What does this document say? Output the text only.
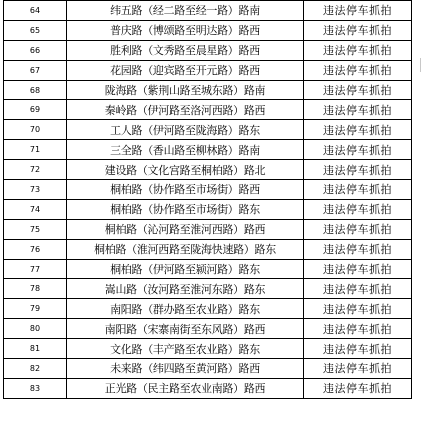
64	纬五路（经二路至经一路）路南	违法停车抓拍
65	普庆路（博颂路至明达路）路西	违法停车抓拍
66	胜利路（文秀路至晨星路）路西	违法停车抓拍
67	花园路（迎宾路至开元路）路西	违法停车抓拍
68	陇海路（紫荆山路至城东路）路南	违法停车抓拍
69	秦岭路（伊河路至洛河西路）路西	违法停车抓拍
70	工人路（伊河路至陇海路）路东	违法停车抓拍
71	三全路（香山路至柳林路）路南	违法停车抓拍
72	建设路（文化宫路至桐柏路）路北	违法停车抓拍
73	桐柏路（协作路至市场街）路西	违法停车抓拍
74	桐柏路（协作路至市场街）路东	违法停车抓拍
75	桐柏路（沁河路至淮河西路）路西	违法停车抓拍
76	桐柏路（淮河西路至陇海快速路）路东	违法停车抓拍
77	桐柏路（伊河路至颍河路）路东	违法停车抓拍
78	嵩山路（汝河路至淮河东路）路东	违法停车抓拍
79	南阳路（群办路至农业路）路东	违法停车抓拍
80	南阳路（宋寨南街至东风路）路西	违法停车抓拍
81	文化路（丰产路至农业路）路东	违法停车抓拍
82	未来路（纬四路至黄河路）路西	违法停车抓拍
83	正光路（民主路至农业南路）路西	违法停车抓拍
